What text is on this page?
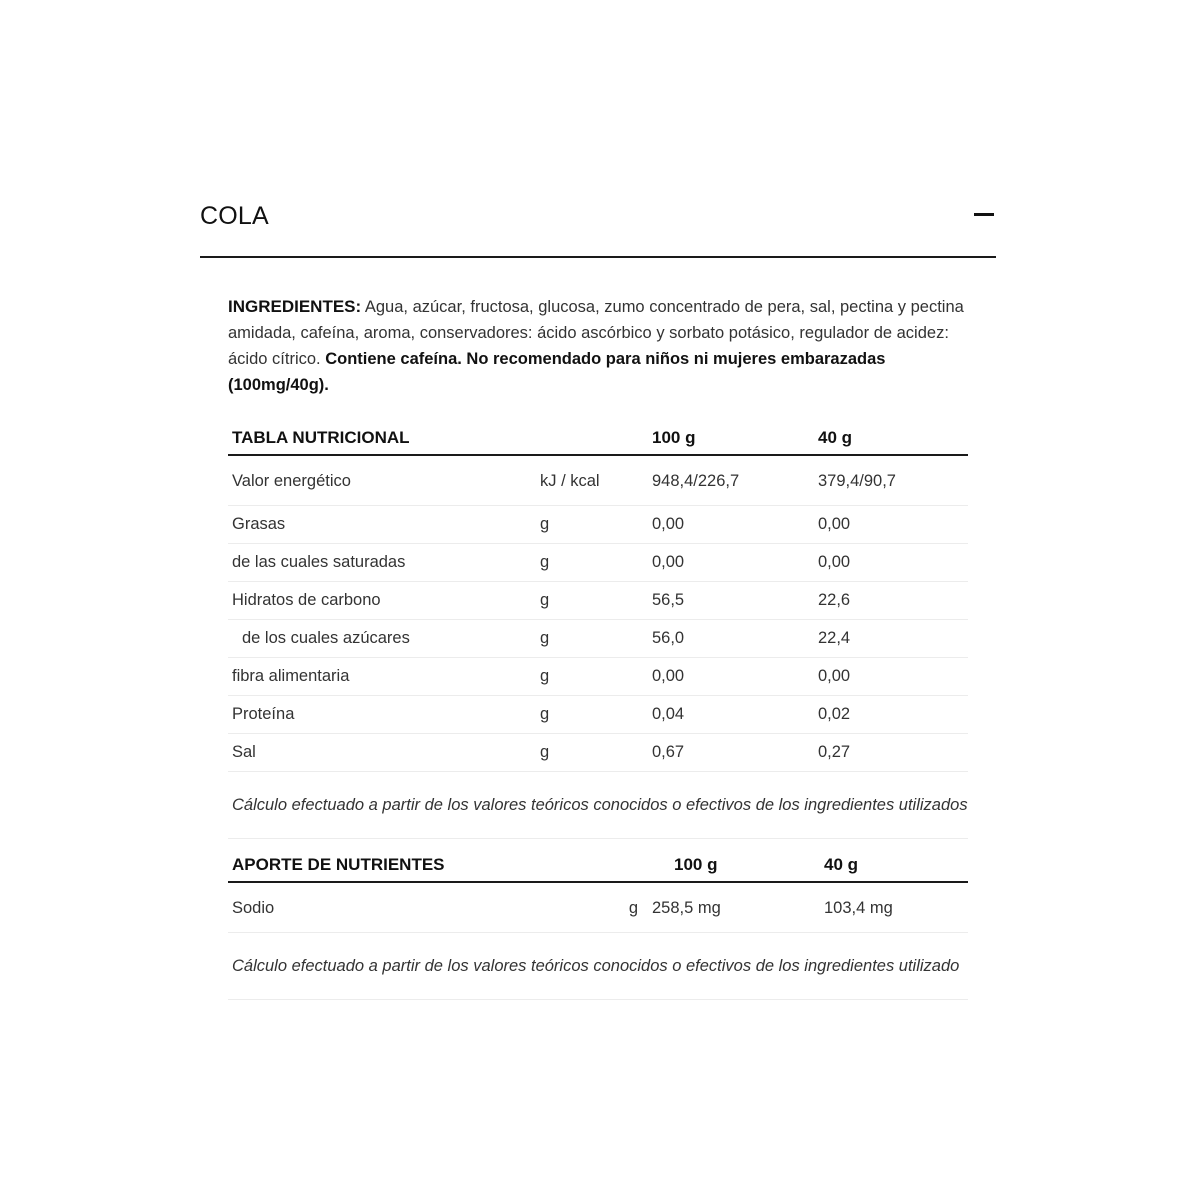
COLA

INGREDIENTES: Agua, azúcar, fructosa, glucosa, zumo concentrado de pera, sal, pectina y pectina amidada, cafeína, aroma, conservadores: ácido ascórbico y sorbato potásico, regulador de acidez: ácido cítrico. Contiene cafeína. No recomendado para niños ni mujeres embarazadas (100mg/40g).

TABLA NUTRICIONAL		100 g	40 g
Valor energético	kJ / kcal	948,4/226,7	379,4/90,7
Grasas	g	0,00	0,00
de las cuales saturadas	g	0,00	0,00
Hidratos de carbono	g	56,5	22,6
de los cuales azúcares	g	56,0	22,4
fibra alimentaria	g	0,00	0,00
Proteína	g	0,04	0,02
Sal	g	0,67	0,27
Cálculo efectuado a partir de los valores teóricos conocidos o efectivos de los ingredientes utilizados			
APORTE DE NUTRIENTES	100 g	40 g
Sodio g	258,5 mg	103,4 mg
Cálculo efectuado a partir de los valores teóricos conocidos o efectivos de los ingredientes utilizado		
